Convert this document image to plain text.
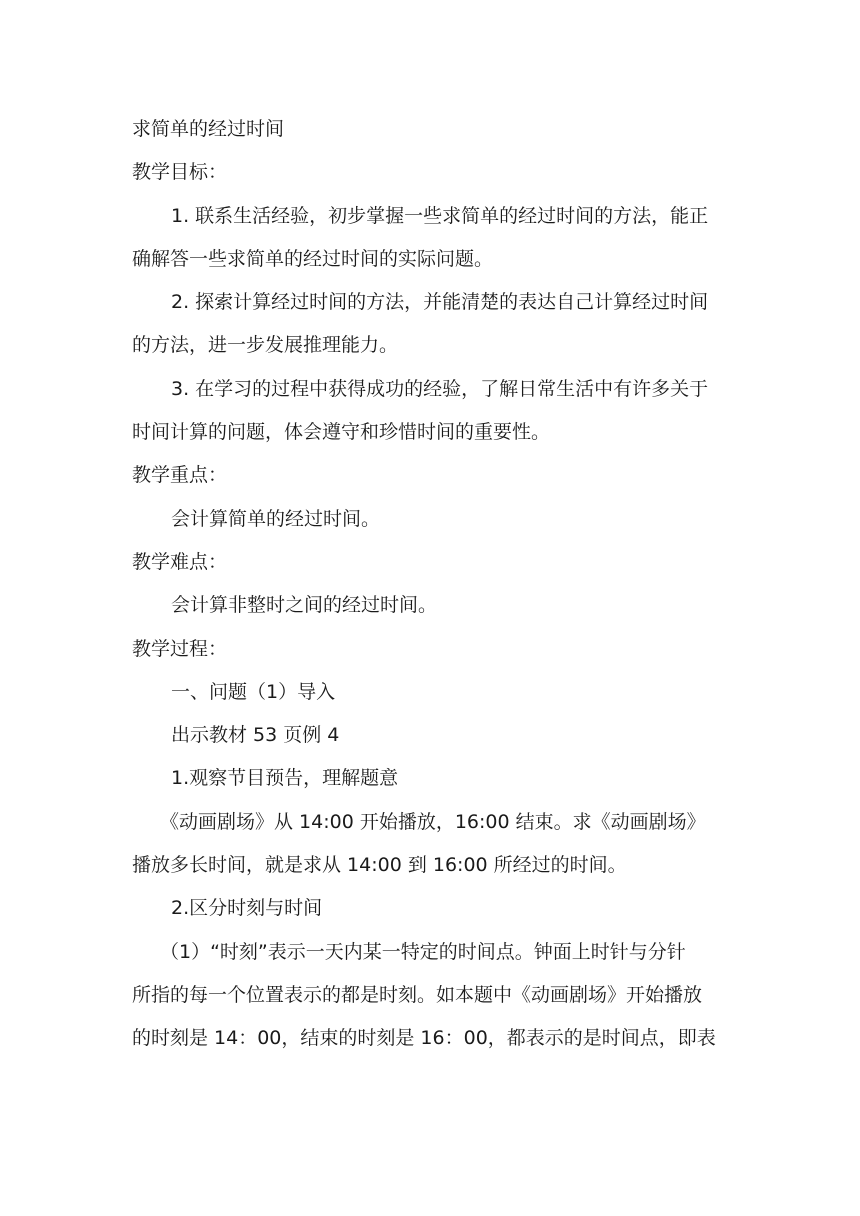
求简单的经过时间

教学目标：

1. 联系生活经验，初步掌握一些求简单的经过时间的方法，能正

确解答一些求简单的经过时间的实际问题。

2. 探索计算经过时间的方法，并能清楚的表达自己计算经过时间

的方法，进一步发展推理能力。

3. 在学习的过程中获得成功的经验，了解日常生活中有许多关于

时间计算的问题，体会遵守和珍惜时间的重要性。

教学重点：

会计算简单的经过时间。

教学难点：

会计算非整时之间的经过时间。

教学过程：

一、问题（1）导入

出示教材 53 页例 4

1.观察节目预告，理解题意

《动画剧场》从 14:00 开始播放，16:00 结束。求《动画剧场》

播放多长时间，就是求从 14:00 到 16:00 所经过的时间。

2.区分时刻与时间

（1）“时刻”表示一天内某一特定的时间点。钟面上时针与分针

所指的每一个位置表示的都是时刻。如本题中《动画剧场》开始播放

的时刻是 14：00，结束的时刻是 16：00，都表示的是时间点，即表
